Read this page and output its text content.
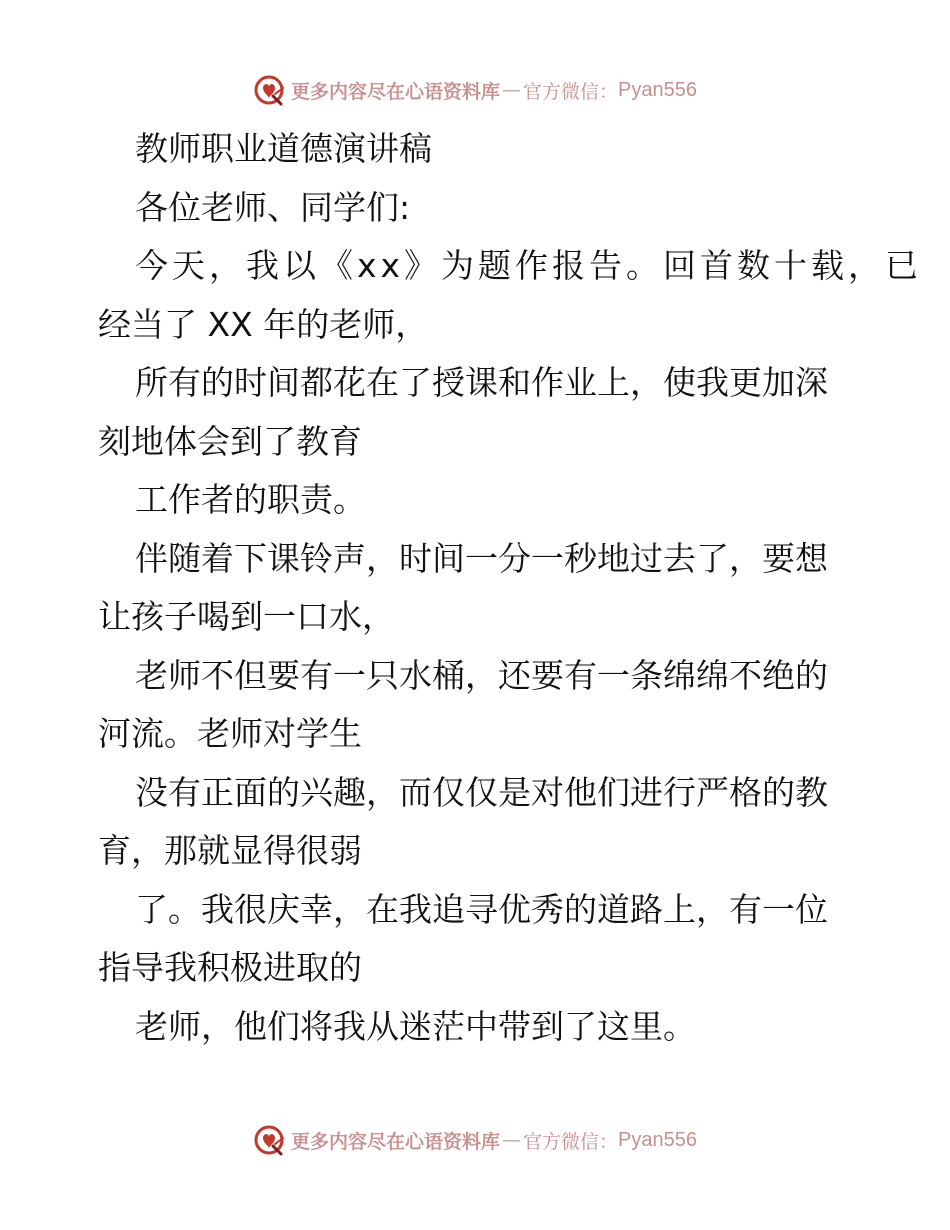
更多内容尽在心语资料库 — 官方微信： Pyan556
教师职业道德演讲稿
各位老师、同学们:
今天，我以《xx》为题作报告。回首数十载，已
经当了 XX 年的老师，
所有的时间都花在了授课和作业上，使我更加深
刻地体会到了教育
工作者的职责。
伴随着下课铃声，时间一分一秒地过去了，要想
让孩子喝到一口水，
老师不但要有一只水桶，还要有一条绵绵不绝的
河流。老师对学生
没有正面的兴趣，而仅仅是对他们进行严格的教
育，那就显得很弱
了。我很庆幸，在我追寻优秀的道路上，有一位
指导我积极进取的
老师，他们将我从迷茫中带到了这里。
更多内容尽在心语资料库 — 官方微信： Pyan556
